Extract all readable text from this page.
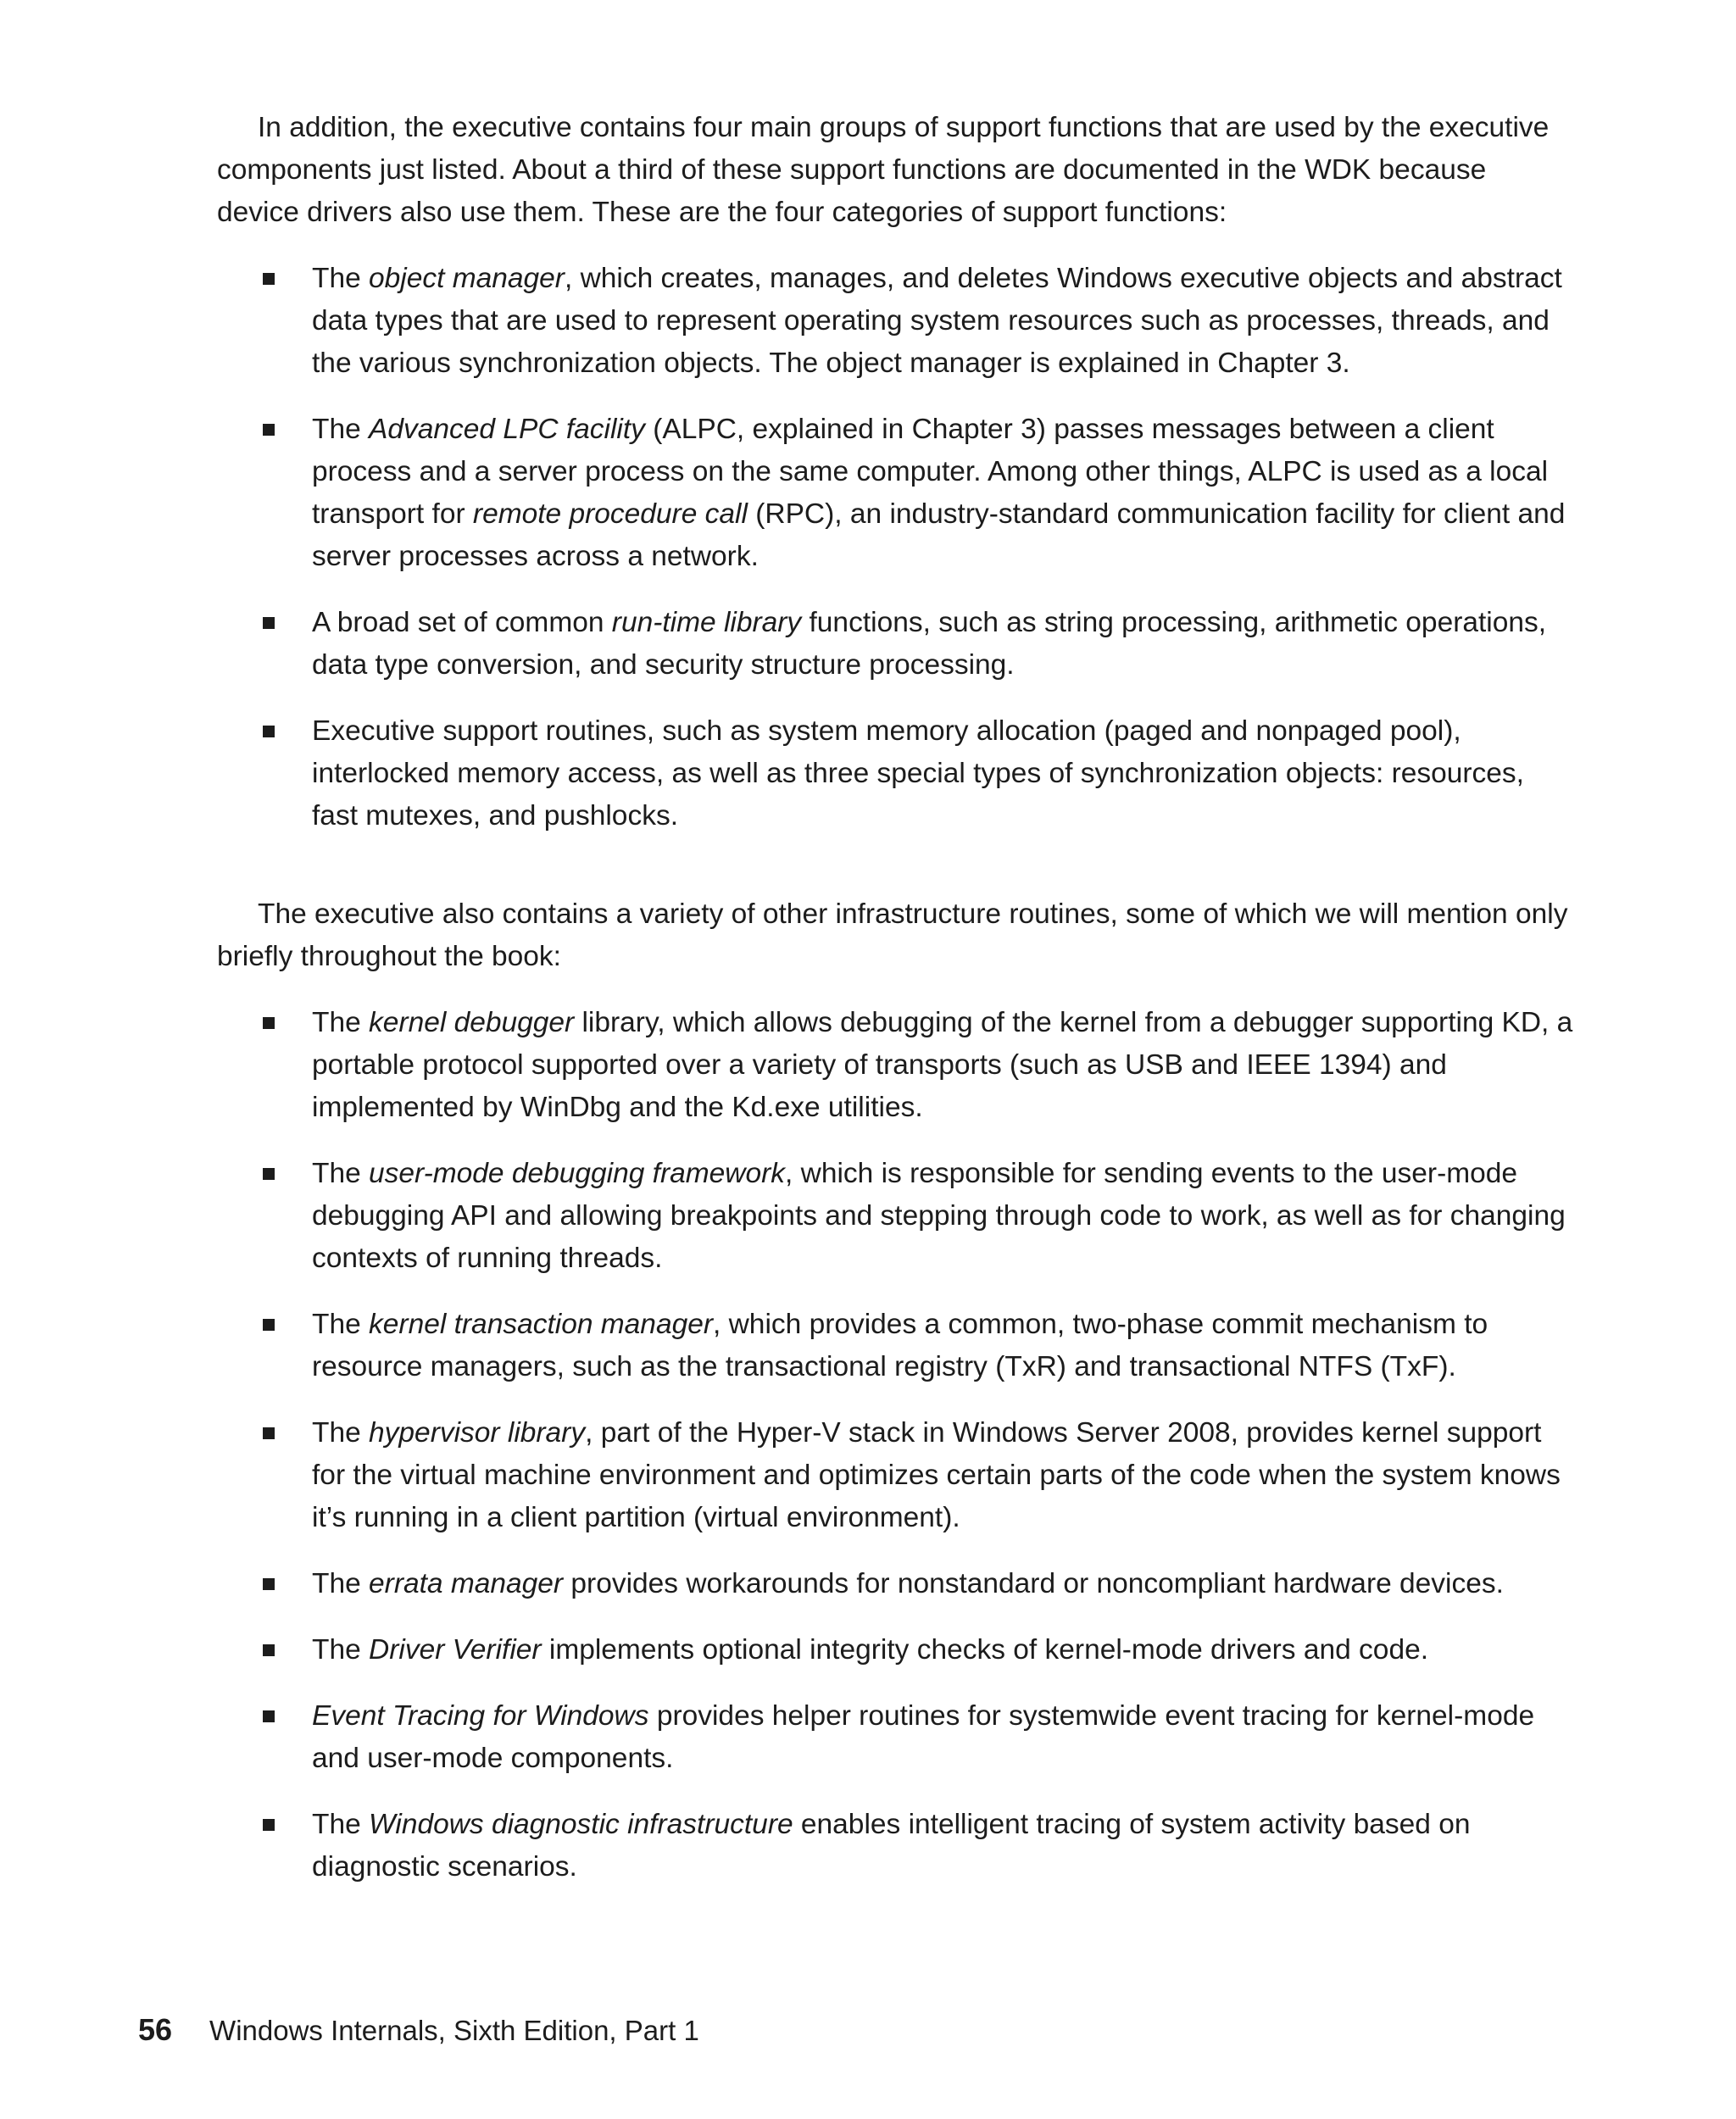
In addition, the executive contains four main groups of support functions that are used by the executive components just listed. About a third of these support functions are documented in the WDK because device drivers also use them. These are the four categories of support functions:

The object manager, which creates, manages, and deletes Windows executive objects and abstract data types that are used to represent operating system resources such as processes, threads, and the various synchronization objects. The object manager is explained in Chapter 3.
The Advanced LPC facility (ALPC, explained in Chapter 3) passes messages between a client process and a server process on the same computer. Among other things, ALPC is used as a local transport for remote procedure call (RPC), an industry-standard communication facility for client and server processes across a network.
A broad set of common run-time library functions, such as string processing, arithmetic operations, data type conversion, and security structure processing.
Executive support routines, such as system memory allocation (paged and nonpaged pool), interlocked memory access, as well as three special types of synchronization objects: resources, fast mutexes, and pushlocks.

The executive also contains a variety of other infrastructure routines, some of which we will mention only briefly throughout the book:

The kernel debugger library, which allows debugging of the kernel from a debugger supporting KD, a portable protocol supported over a variety of transports (such as USB and IEEE 1394) and implemented by WinDbg and the Kd.exe utilities.
The user-mode debugging framework, which is responsible for sending events to the user-mode debugging API and allowing breakpoints and stepping through code to work, as well as for changing contexts of running threads.
The kernel transaction manager, which provides a common, two-phase commit mechanism to resource managers, such as the transactional registry (TxR) and transactional NTFS (TxF).
The hypervisor library, part of the Hyper-V stack in Windows Server 2008, provides kernel support for the virtual machine environment and optimizes certain parts of the code when the system knows it’s running in a client partition (virtual environment).
The errata manager provides workarounds for nonstandard or noncompliant hardware devices.
The Driver Verifier implements optional integrity checks of kernel-mode drivers and code.
Event Tracing for Windows provides helper routines for systemwide event tracing for kernel-mode and user-mode components.
The Windows diagnostic infrastructure enables intelligent tracing of system activity based on diagnostic scenarios.
56 Windows Internals, Sixth Edition, Part 1
